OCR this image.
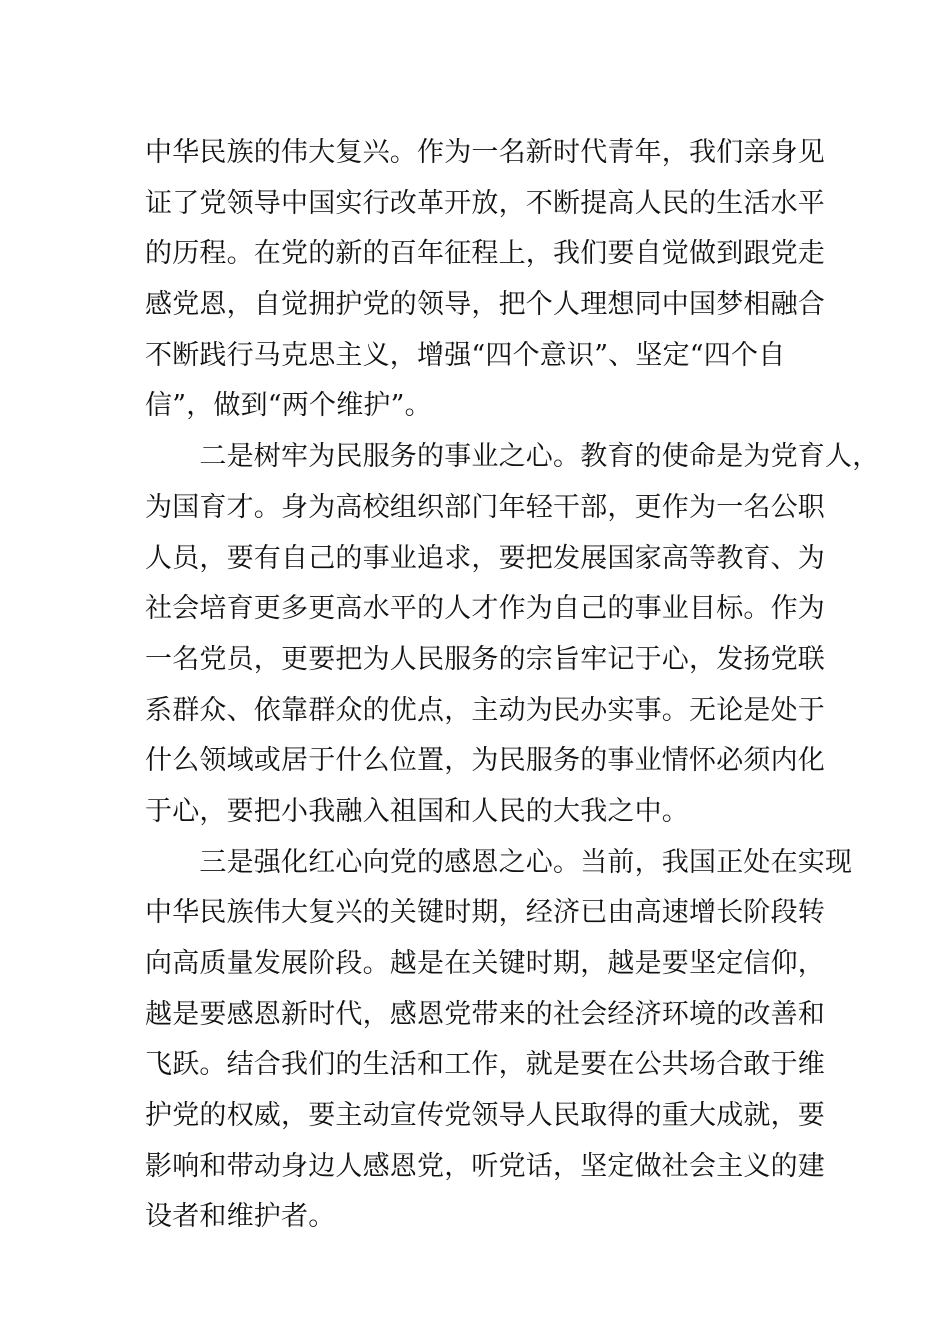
中华民族的伟大复兴。作为一名新时代青年，我们亲身见
证了党领导中国实行改革开放，不断提高人民的生活水平
的历程。在党的新的百年征程上，我们要自觉做到跟党走
感党恩，自觉拥护党的领导，把个人理想同中国梦相融合
不断践行马克思主义，增强“四个意识”、坚定“四个自
信”，做到“两个维护”。
　　二是树牢为民服务的事业之心。教育的使命是为党育人，
为国育才。身为高校组织部门年轻干部，更作为一名公职
人员，要有自己的事业追求，要把发展国家高等教育、为
社会培育更多更高水平的人才作为自己的事业目标。作为
一名党员，更要把为人民服务的宗旨牢记于心，发扬党联
系群众、依靠群众的优点，主动为民办实事。无论是处于
什么领域或居于什么位置，为民服务的事业情怀必须内化
于心，要把小我融入祖国和人民的大我之中。
　　三是强化红心向党的感恩之心。当前，我国正处在实现
中华民族伟大复兴的关键时期，经济已由高速增长阶段转
向高质量发展阶段。越是在关键时期，越是要坚定信仰，
越是要感恩新时代，感恩党带来的社会经济环境的改善和
飞跃。结合我们的生活和工作，就是要在公共场合敢于维
护党的权威，要主动宣传党领导人民取得的重大成就，要
影响和带动身边人感恩党，听党话，坚定做社会主义的建
设者和维护者。
